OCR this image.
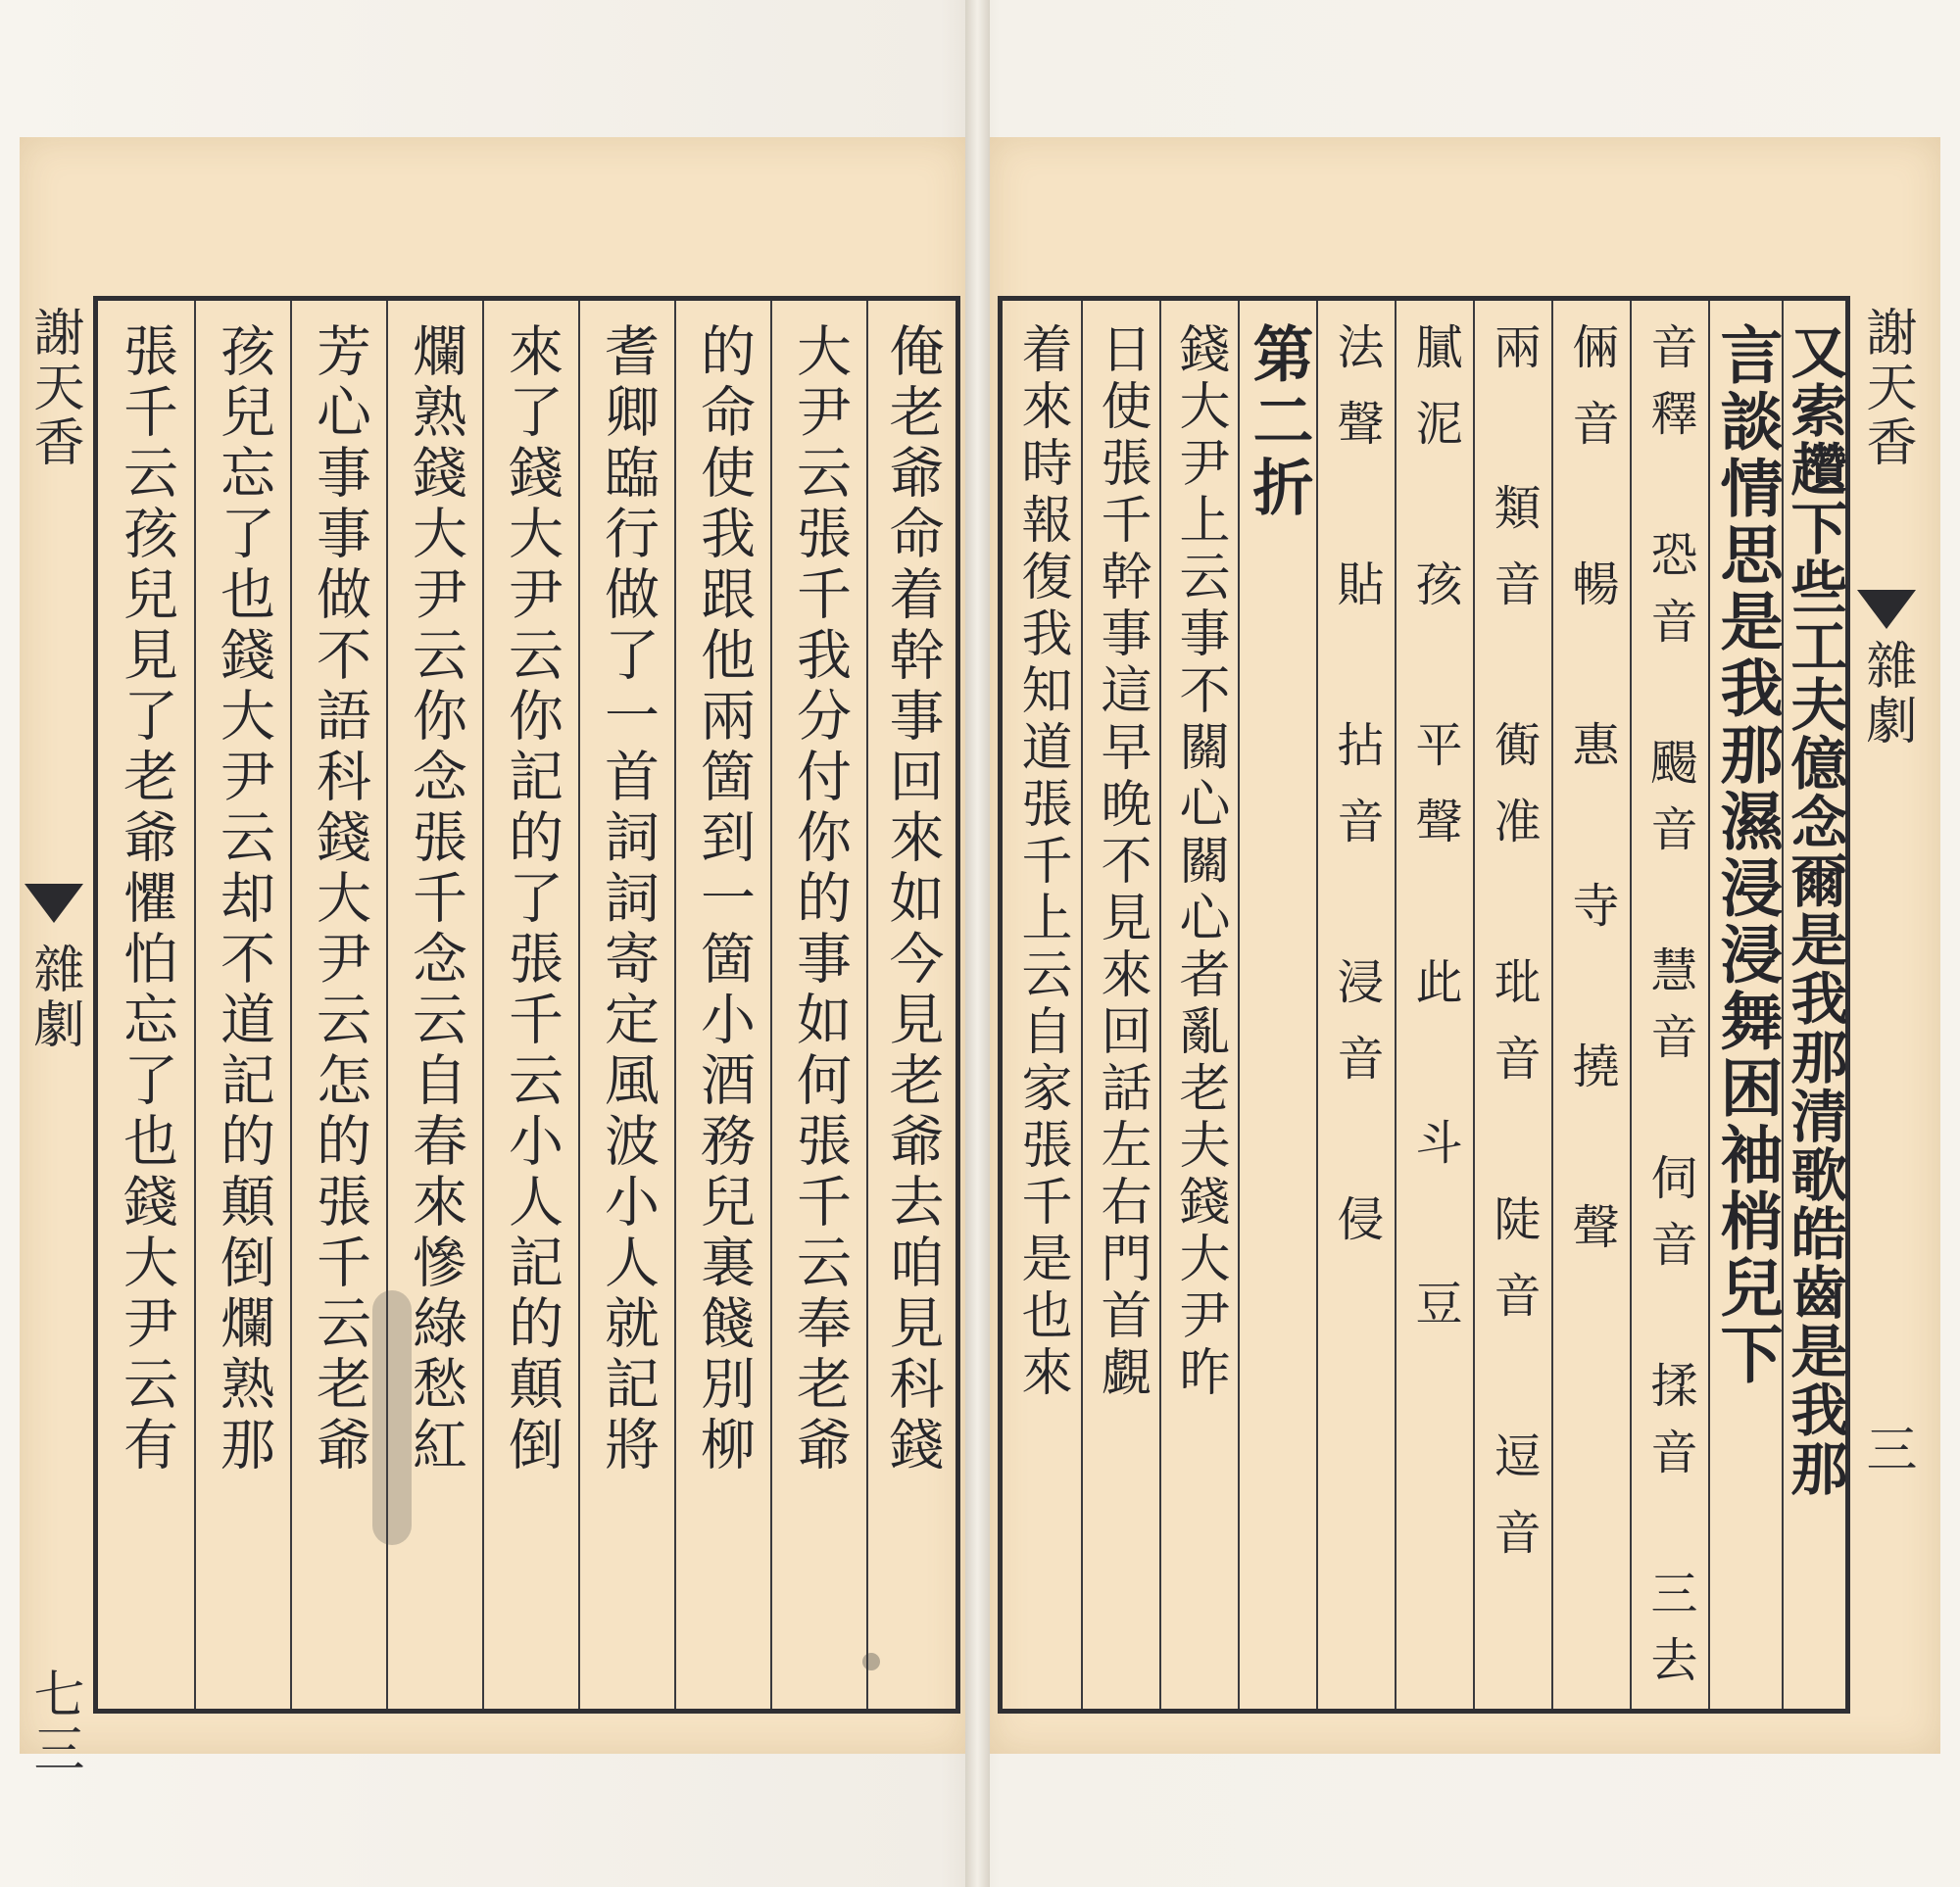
謝天香
雜劇
七三
張千云孩兒見了老爺懼怕忘了也錢大尹云有 孩兒忘了也錢大尹云却不道記的顛倒爛熟那 芳心事事做不語科錢大尹云怎的張千云老爺 爛熟錢大尹云你念張千念云自春來慘綠愁紅 來了錢大尹云你記的了張千云小人記的顛倒 耆卿臨行做了一首詞詞寄定風波小人就記將 的命使我跟他兩箇到一箇小酒務兒裏餞別柳 大尹云張千我分付你的事如何張千云奉老爺 俺老爺命着幹事回來如今見老爺去咱見科錢 着來時報復我知道張千上云自家張千是也來 日使張千幹事這早晚不見來回話左右門首覷 錢大尹上云事不關心關心者亂老夫錢大尹昨 第二折 法聲 貼 拈音 浸音 侵 膩泥 孩 平聲 此 斗 豆 兩 類音 衠准 玭音 陡音 逗音 倆音 暢 惠 寺 撓 聲 音釋 恐音 颺音 慧音 伺音 揉音 三去 言談情思是我那濕浸浸舞困袖梢兒下
又索趲下些工夫億念爾是我那清歌皓齒是我那 謝天香
雜劇
三
